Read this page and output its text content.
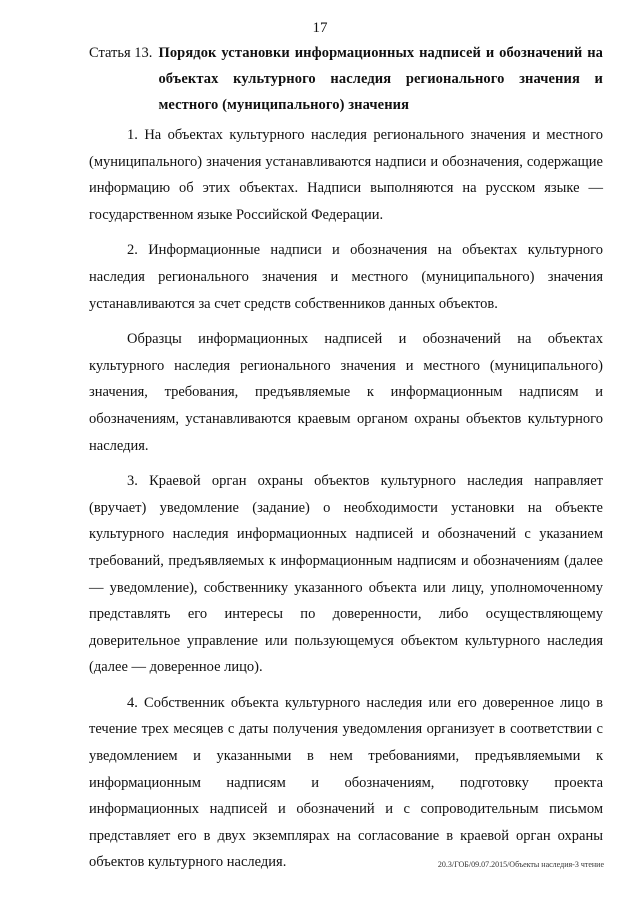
17
Статья 13. Порядок установки информационных надписей и обозначений на объектах культурного наследия регионального значения и местного (муниципального) значения

1. На объектах культурного наследия регионального значения и местного (муниципального) значения устанавливаются надписи и обозначения, содержащие информацию об этих объектах. Надписи выполняются на русском языке — государственном языке Российской Федерации.

2. Информационные надписи и обозначения на объектах культурного наследия регионального значения и местного (муниципального) значения устанавливаются за счет средств собственников данных объектов.

Образцы информационных надписей и обозначений на объектах культурного наследия регионального значения и местного (муниципального) значения, требования, предъявляемые к информационным надписям и обозначениям, устанавливаются краевым органом охраны объектов культурного наследия.

3. Краевой орган охраны объектов культурного наследия направляет (вручает) уведомление (задание) о необходимости установки на объекте культурного наследия информационных надписей и обозначений с указанием требований, предъявляемых к информационным надписям и обозначениям (далее — уведомление), собственнику указанного объекта или лицу, уполномоченному представлять его интересы по доверенности, либо осуществляющему доверительное управление или пользующемуся объектом культурного наследия (далее — доверенное лицо).

4. Собственник объекта культурного наследия или его доверенное лицо в течение трех месяцев с даты получения уведомления организует в соответствии с уведомлением и указанными в нем требованиями, предъявляемыми к информационным надписям и обозначениям, подготовку проекта информационных надписей и обозначений и с сопроводительным письмом представляет его в двух экземплярах на согласование в краевой орган охраны объектов культурного наследия.	20.3/ГОБ/09.07.2015/Объекты наследия-3 чтение
